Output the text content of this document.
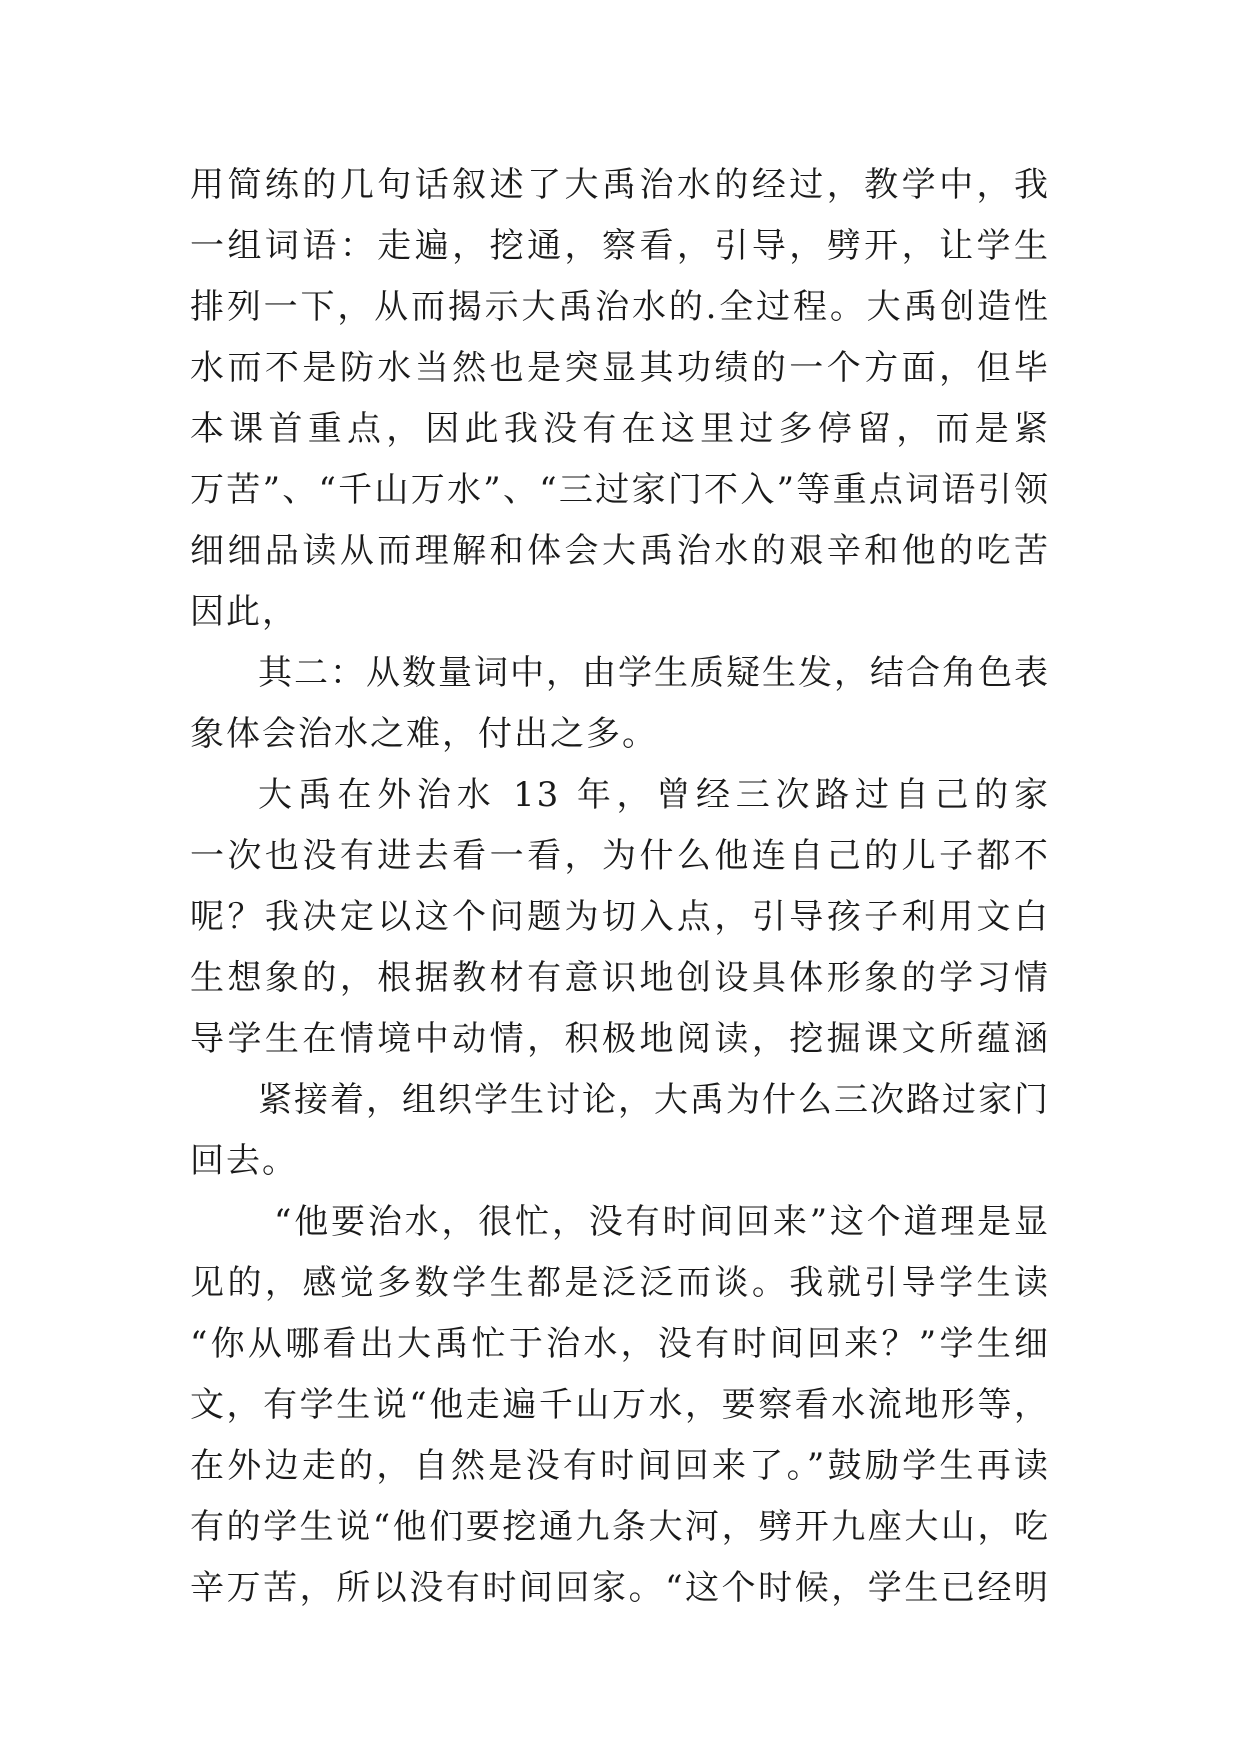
用简练的几句话叙述了大禹治水的经过，教学中，我
一组词语：走遍，挖通，察看，引导，劈开，让学生
排列一下，从而揭示大禹治水的.全过程。大禹创造性
水而不是防水当然也是突显其功绩的一个方面，但毕
本课首重点，因此我没有在这里过多停留，而是紧
万苦”、“千山万水”、“三过家门不入”等重点词语引领
细细品读从而理解和体会大禹治水的艰辛和他的吃苦
因此，
其二：从数量词中，由学生质疑生发，结合角色表
象体会治水之难，付出之多。
大禹在外治水 13 年，曾经三次路过自己的家
一次也没有进去看一看，为什么他连自己的儿子都不
呢？我决定以这个问题为切入点，引导孩子利用文白
生想象的，根据教材有意识地创设具体形象的学习情
导学生在情境中动情，积极地阅读，挖掘课文所蕴涵
紧接着，组织学生讨论，大禹为什么三次路过家门
回去。
“他要治水，很忙，没有时间回来”这个道理是显
见的，感觉多数学生都是泛泛而谈。我就引导学生读
“你从哪看出大禹忙于治水，没有时间回来？”学生细
文，有学生说“他走遍千山万水，要察看水流地形等，
在外边走的，自然是没有时间回来了。”鼓励学生再读
有的学生说“他们要挖通九条大河，劈开九座大山，吃
辛万苦，所以没有时间回家。“这个时候，学生已经明
